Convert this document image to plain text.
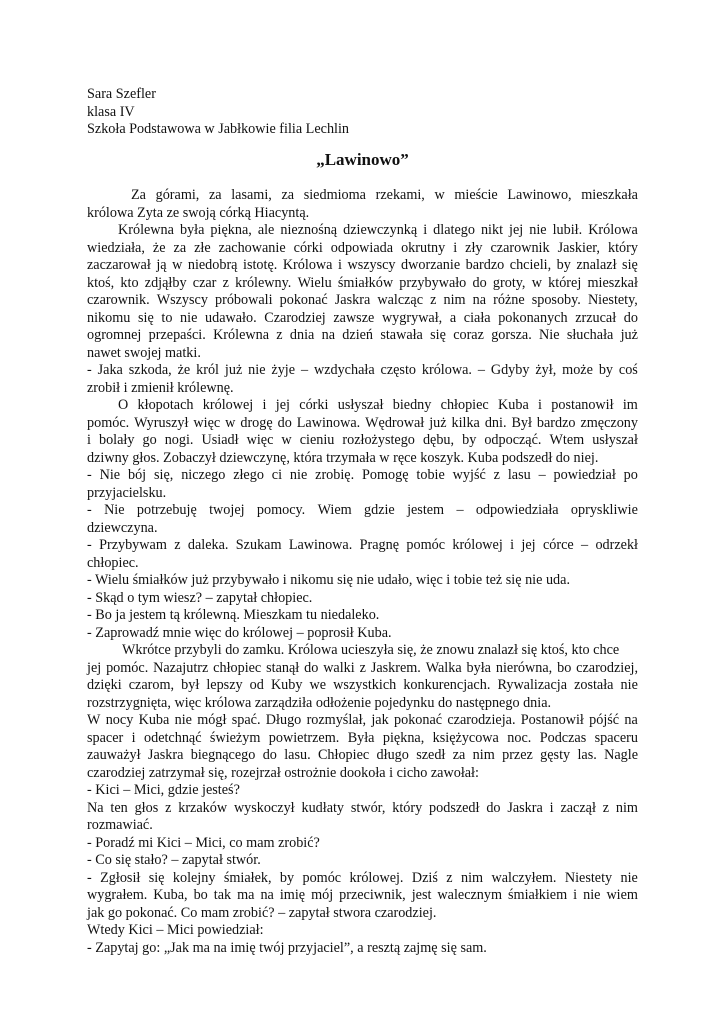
Sara Szefler
klasa IV
Szkoła Podstawowa w Jabłkowie filia Lechlin
„Lawinowo”
Za górami, za lasami, za siedmioma rzekami, w mieście Lawinowo, mieszkała
królowa Zyta ze swoją córką Hiacyntą.
Królewna była piękna, ale nieznośną dziewczynką i dlatego nikt jej nie lubił. Królowa
wiedziała, że za złe zachowanie córki odpowiada okrutny i zły czarownik Jaskier, który
zaczarował ją w niedobrą istotę. Królowa i wszyscy dworzanie bardzo chcieli, by znalazł się
ktoś, kto zdjąłby czar z królewny. Wielu śmiałków przybywało do groty, w której mieszkał
czarownik. Wszyscy próbowali pokonać Jaskra walcząc z nim na różne sposoby. Niestety,
nikomu się to nie udawało. Czarodziej zawsze wygrywał, a ciała pokonanych zrzucał do
ogromnej przepaści. Królewna z dnia na dzień stawała się coraz gorsza. Nie słuchała już
nawet swojej matki.
- Jaka szkoda, że król już nie żyje – wzdychała często królowa. – Gdyby żył, może by coś
zrobił i zmienił królewnę.
O kłopotach królowej i jej córki usłyszał biedny chłopiec Kuba i postanowił im
pomóc. Wyruszył więc w drogę do Lawinowa. Wędrował już kilka dni. Był bardzo zmęczony
i bolały go nogi. Usiadł więc w cieniu rozłożystego dębu, by odpocząć. Wtem usłyszał
dziwny głos. Zobaczył dziewczynę, która trzymała w ręce koszyk. Kuba podszedł do niej.
- Nie bój się, niczego złego ci nie zrobię. Pomogę tobie wyjść z lasu – powiedział po
przyjacielsku.
- Nie potrzebuję twojej pomocy. Wiem gdzie jestem – odpowiedziała opryskliwie
dziewczyna.
- Przybywam z daleka. Szukam Lawinowa. Pragnę pomóc królowej i jej córce – odrzekł
chłopiec.
- Wielu śmiałków już przybywało i nikomu się nie udało, więc i tobie też się nie uda.
- Skąd o tym wiesz? – zapytał chłopiec.
- Bo ja jestem tą królewną. Mieszkam tu niedaleko.
- Zaprowadź mnie więc do królowej – poprosił Kuba.
Wkrótce przybyli do zamku. Królowa ucieszyła się, że znowu znalazł się ktoś, kto chce
jej pomóc. Nazajutrz chłopiec stanął do walki z Jaskrem. Walka była nierówna, bo czarodziej,
dzięki czarom, był lepszy od Kuby we wszystkich konkurencjach. Rywalizacja została nie
rozstrzygnięta, więc królowa zarządziła odłożenie pojedynku do następnego dnia.
W nocy Kuba nie mógł spać. Długo rozmyślał, jak pokonać czarodzieja. Postanowił pójść na
spacer i odetchnąć świeżym powietrzem. Była piękna, księżycowa noc. Podczas spaceru
zauważył Jaskra biegnącego do lasu. Chłopiec długo szedł za nim przez gęsty las. Nagle
czarodziej zatrzymał się, rozejrzał ostrożnie dookoła i cicho zawołał:
- Kici – Mici, gdzie jesteś?
Na ten głos z krzaków wyskoczył kudłaty stwór, który podszedł do Jaskra i zaczął z nim
rozmawiać.
- Poradź mi Kici – Mici, co mam zrobić?
- Co się stało? – zapytał stwór.
- Zgłosił się kolejny śmiałek, by pomóc królowej. Dziś z nim walczyłem. Niestety nie
wygrałem. Kuba, bo tak ma na imię mój przeciwnik, jest walecznym śmiałkiem i nie wiem
jak go pokonać. Co mam zrobić? – zapytał stwora czarodziej.
Wtedy Kici – Mici powiedział:
- Zapytaj go: „Jak ma na imię twój przyjaciel”, a resztą zajmę się sam.
